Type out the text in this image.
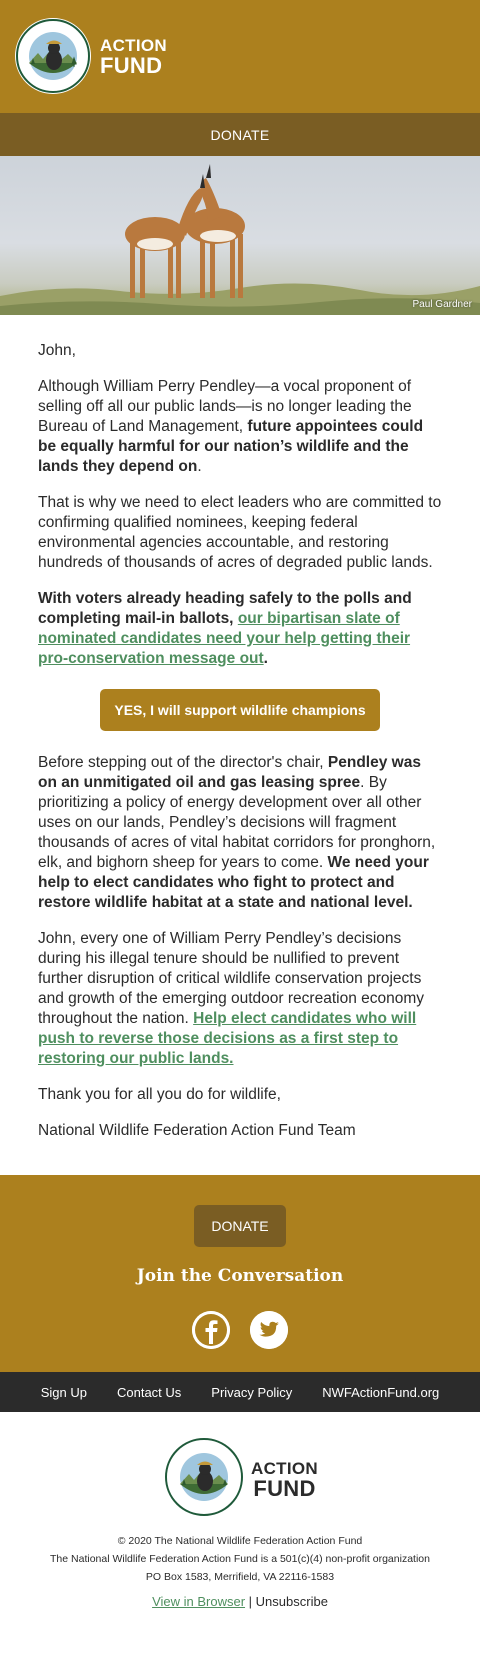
ACTION
FUND
DONATE
Paul Gardner

John,

Although William Perry Pendley—a vocal proponent of selling off all our public lands—is no longer leading the Bureau of Land Management, future appointees could be equally harmful for our nation’s wildlife and the lands they depend on.

That is why we need to elect leaders who are committed to confirming qualified nominees, keeping federal environmental agencies accountable, and restoring hundreds of thousands of acres of degraded public lands.

With voters already heading safely to the polls and completing mail-in ballots, our bipartisan slate of nominated candidates need your help getting their pro-conservation message out.

YES, I will support wildlife champions

Before stepping out of the director's chair, Pendley was on an unmitigated oil and gas leasing spree. By prioritizing a policy of energy development over all other uses on our lands, Pendley’s decisions will fragment thousands of acres of vital habitat corridors for pronghorn, elk, and bighorn sheep for years to come. We need your help to elect candidates who fight to protect and restore wildlife habitat at a state and national level.

John, every one of William Perry Pendley’s decisions during his illegal tenure should be nullified to prevent further disruption of critical wildlife conservation projects and growth of the emerging outdoor recreation economy throughout the nation. Help elect candidates who will push to reverse those decisions as a first step to restoring our public lands.

Thank you for all you do for wildlife,

National Wildlife Federation Action Fund Team

DONATE
Join the Conversation
Sign Up Contact Us Privacy Policy NWFActionFund.org
ACTION
FUND
© 2020 The National Wildlife Federation Action Fund
The National Wildlife Federation Action Fund is a 501(c)(4) non-profit organization
PO Box 1583, Merrifield, VA 22116-1583
View in Browser | Unsubscribe
